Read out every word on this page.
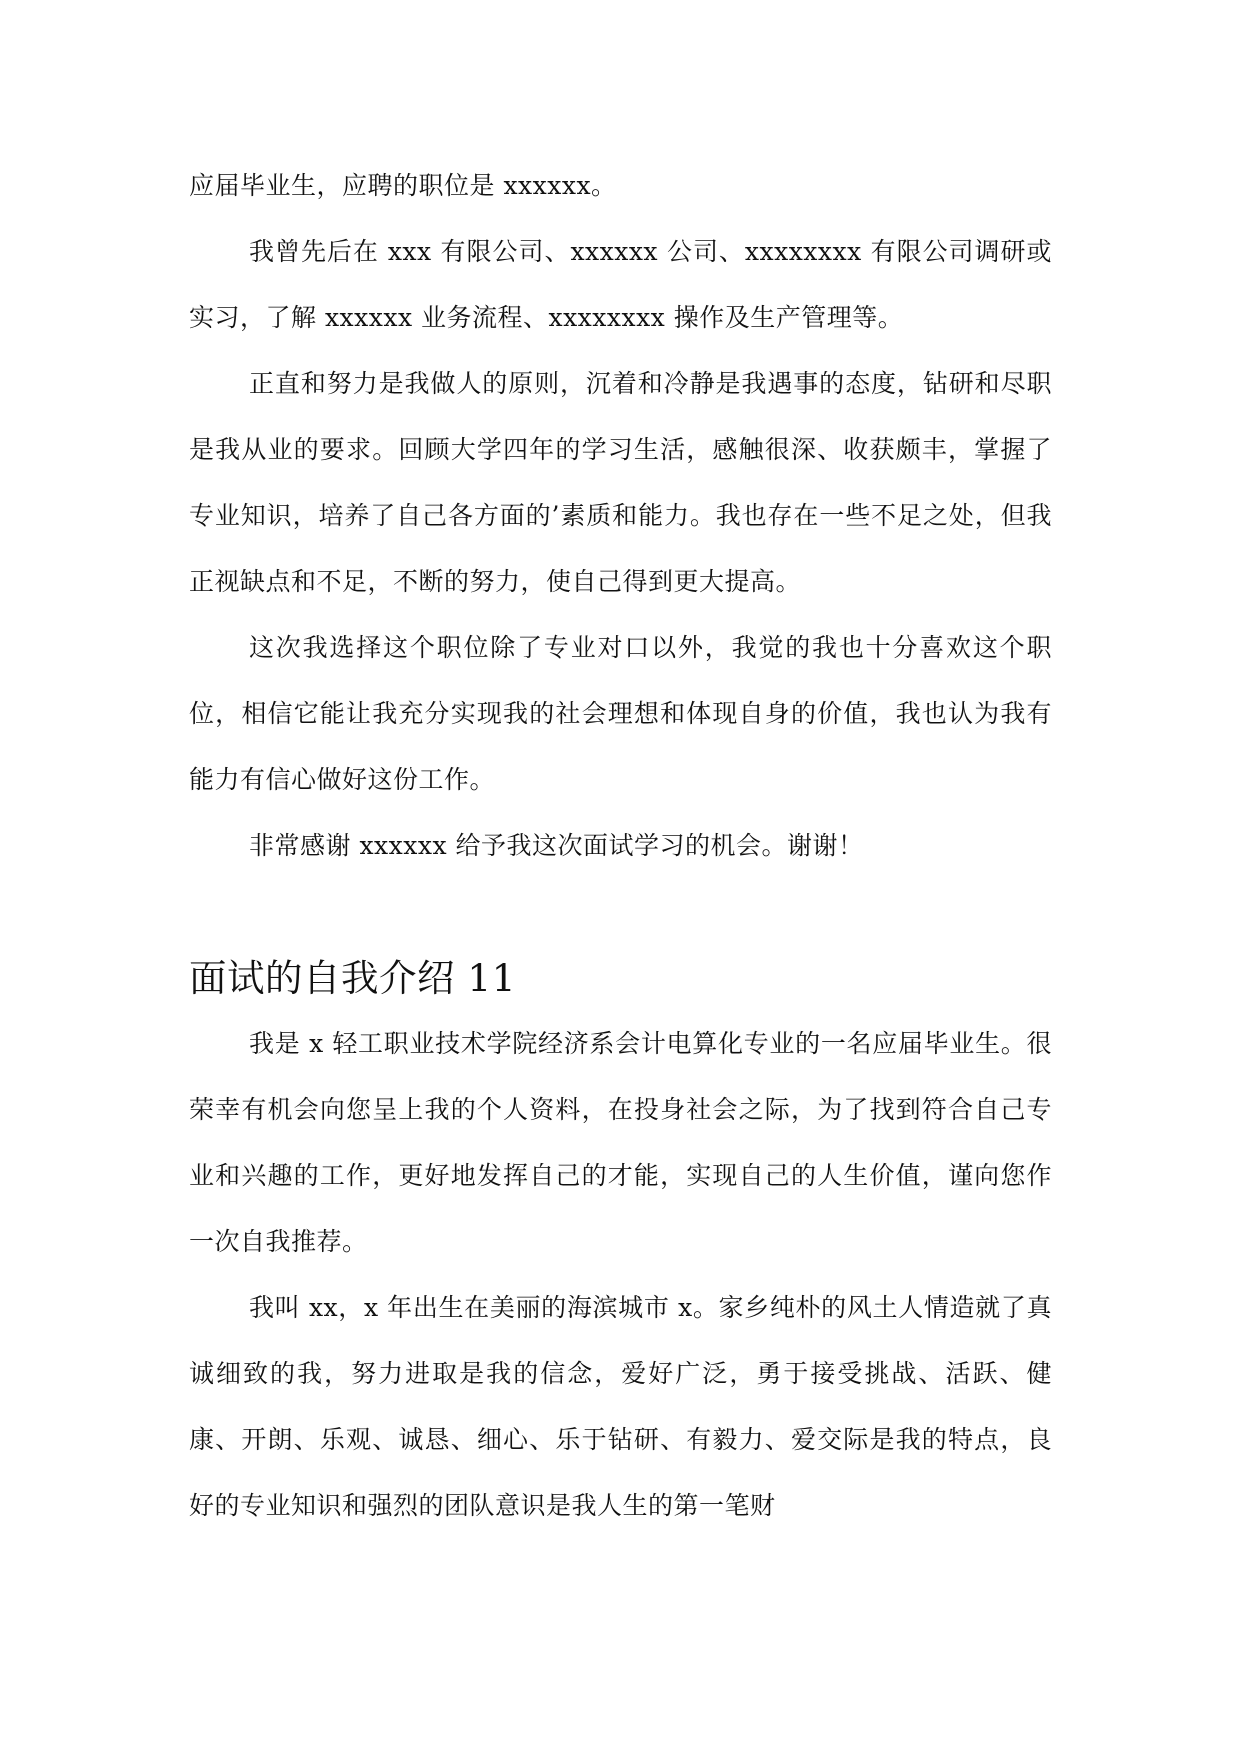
应届毕业生，应聘的职位是 xxxxxx。

我曾先后在 xxx 有限公司、xxxxxx 公司、xxxxxxxx 有限公司调研或实习，了解 xxxxxx 业务流程、xxxxxxxx 操作及生产管理等。

正直和努力是我做人的原则，沉着和冷静是我遇事的态度，钻研和尽职是我从业的要求。回顾大学四年的学习生活，感触很深、收获颇丰，掌握了专业知识，培养了自己各方面的’素质和能力。我也存在一些不足之处，但我正视缺点和不足，不断的努力，使自己得到更大提高。

这次我选择这个职位除了专业对口以外，我觉的我也十分喜欢这个职位，相信它能让我充分实现我的社会理想和体现自身的价值，我也认为我有能力有信心做好这份工作。

非常感谢 xxxxxx 给予我这次面试学习的机会。谢谢！

面试的自我介绍 11

我是 x 轻工职业技术学院经济系会计电算化专业的一名应届毕业生。很荣幸有机会向您呈上我的个人资料，在投身社会之际，为了找到符合自己专业和兴趣的工作，更好地发挥自己的才能，实现自己的人生价值，谨向您作一次自我推荐。

我叫 xx，x 年出生在美丽的海滨城市 x。家乡纯朴的风土人情造就了真诚细致的我，努力进取是我的信念，爱好广泛，勇于接受挑战、活跃、健康、开朗、乐观、诚恳、细心、乐于钻研、有毅力、爱交际是我的特点，良好的专业知识和强烈的团队意识是我人生的第一笔财
